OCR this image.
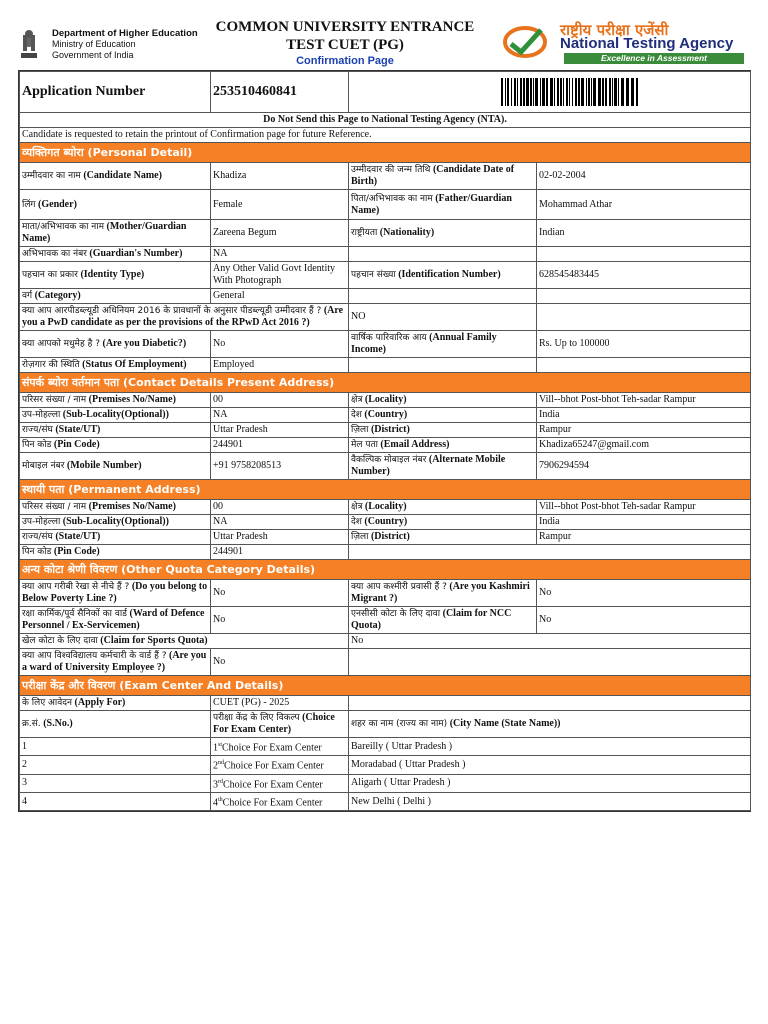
Department of Higher Education
Ministry of Education
Government of India
COMMON UNIVERSITY ENTRANCE
TEST CUET (PG)
Confirmation Page
राष्ट्रीय परीक्षा एजेंसी
National Testing Agency
Excellence in Assessment
Application Number	253510460841	

Do Not Send this Page to National Testing Agency (NTA).			
Candidate is requested to retain the printout of Confirmation page for future Reference.			
व्यक्तिगत ब्योरा (Personal Detail)			
उम्मीदवार का नाम (Candidate Name)	Khadiza	उम्मीदवार की जन्म तिथि (Candidate Date of Birth)	02-02-2004
लिंग (Gender)	Female	पिता/अभिभावक का नाम (Father/Guardian Name)	Mohammad Athar
माता/अभिभावक का नाम (Mother/Guardian Name)	Zareena Begum	राष्ट्रीयता (Nationality)	Indian
अभिभावक का नंबर (Guardian's Number)	NA		
पहचान का प्रकार (Identity Type)	Any Other Valid Govt Identity With Photograph	पहचान संख्या (Identification Number)	628545483445
वर्ग (Category)	General		
क्या आप आरपीडब्ल्यूडी अधिनियम 2016 के प्रावधानों के अनुसार पीडब्ल्यूडी उम्मीदवार हैं ? (Are you a PwD candidate as per the provisions of the RPwD Act 2016 ?)		NO	
क्या आपको मधुमेह है ? (Are you Diabetic?)	No	वार्षिक पारिवारिक आय (Annual Family Income)	Rs. Up to 100000
रोज़गार की स्थिति (Status Of Employment)	Employed		
संपर्क ब्योरा वर्तमान पता (Contact Details Present Address)			
परिसर संख्या / नाम (Premises No/Name)	00	क्षेत्र (Locality)	Vill--bhot Post-bhot Teh-sadar Rampur
उप-मोहल्ला (Sub-Locality(Optional))	NA	देश (Country)	India
राज्य/संघ (State/UT)	Uttar Pradesh	ज़िला (District)	Rampur
पिन कोड (Pin Code)	244901	मेल पता (Email Address)	Khadiza65247@gmail.com
मोबाइल नंबर (Mobile Number)	+91 9758208513	वैकल्पिक मोबाइल नंबर (Alternate Mobile Number)	7906294594
स्थायी पता (Permanent Address)			
परिसर संख्या / नाम (Premises No/Name)	00	क्षेत्र (Locality)	Vill--bhot Post-bhot Teh-sadar Rampur
उप-मोहल्ला (Sub-Locality(Optional))	NA	देश (Country)	India
राज्य/संघ (State/UT)	Uttar Pradesh	ज़िला (District)	Rampur
पिन कोड (Pin Code)	244901		
अन्य कोटा श्रेणी विवरण (Other Quota Category Details)			
क्या आप गरीबी रेखा से नीचे हैं ? (Do you belong to Below Poverty Line ?)	No	क्या आप कश्मीरी प्रवासी हैं ? (Are you Kashmiri Migrant ?)	No
रक्षा कार्मिक/पूर्व सैनिकों का वार्ड (Ward of Defence Personnel / Ex-Servicemen)	No	एनसीसी कोटा के लिए दावा (Claim for NCC Quota)	No
खेल कोटा के लिए दावा (Claim for Sports Quota)		No	
क्या आप विश्वविद्यालय कर्मचारी के वार्ड हैं ? (Are you a ward of University Employee ?)	No		
परीक्षा केंद्र और विवरण (Exam Center And Details)			
के लिए आवेदन (Apply For)	CUET (PG) - 2025		
क्र.सं. (S.No.)	परीक्षा केंद्र के लिए विकल्प (Choice For Exam Center)	शहर का नाम (राज्य का नाम) (City Name (State Name))	
1	1stChoice For Exam Center	Bareilly ( Uttar Pradesh )	
2	2ndChoice For Exam Center	Moradabad ( Uttar Pradesh )	
3	3rdChoice For Exam Center	Aligarh ( Uttar Pradesh )	
4	4thChoice For Exam Center	New Delhi ( Delhi )	
